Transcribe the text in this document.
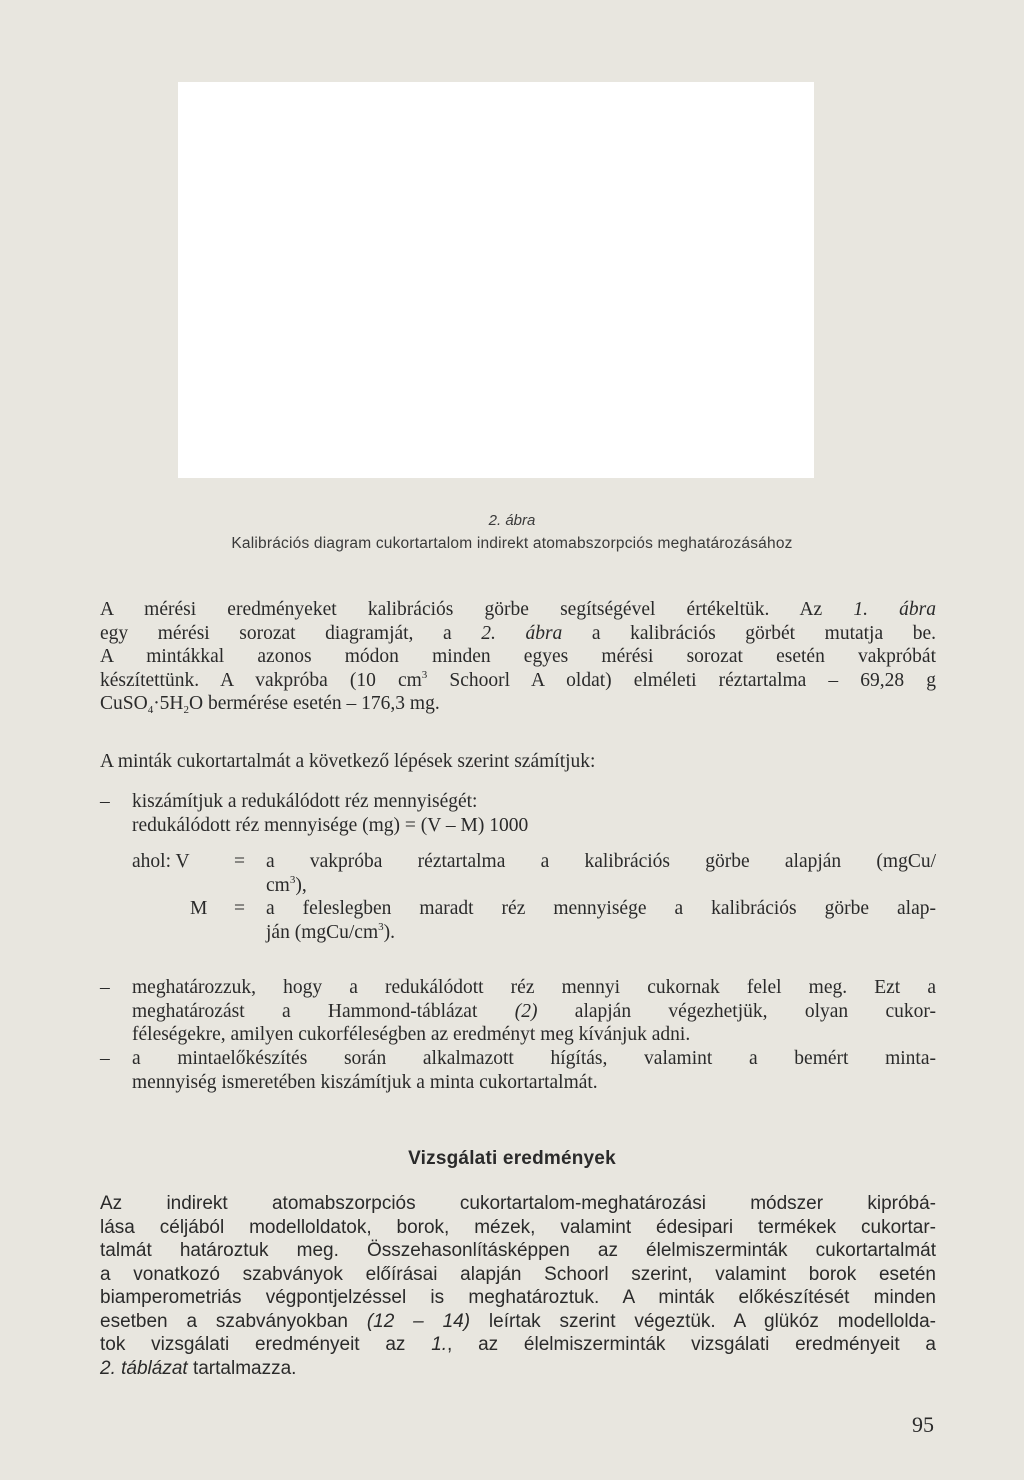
2. ábra
Kalibrációs diagram cukortartalom indirekt atomabszorpciós meghatározásához
A mérési eredményeket kalibrációs görbe segítségével értékeltük. Az 1. ábra
egy mérési sorozat diagramját, a 2. ábra a kalibrációs görbét mutatja be.
A mintákkal azonos módon minden egyes mérési sorozat esetén vakpróbát
készítettünk. A vakpróba (10 $cm^3$ Schoorl A oldat) elméleti réztartalma – 69,28 g
$CuSO_4\cdot 5H_2O$ bermérése esetén – 176,3 mg.
A minták cukortartalmát a következő lépések szerint számítjuk:
– kiszámítjuk a redukálódott réz mennyiségét:
redukálódott réz mennyisége (mg) = (V – M) 1000
ahol: V	= a vakpróba réztartalma a kalibrációs görbe alapján (mgCu/
$cm^3$),
M	= a feleslegben maradt réz mennyisége a kalibrációs görbe alap-
ján $(mgCu/cm^3)$.
– meghatározzuk, hogy a redukálódott réz mennyi cukornak felel meg. Ezt a
meghatározást a Hammond-táblázat (2) alapján végezhetjük, olyan cukor-
féleségekre, amilyen cukorféleségben az eredményt meg kívánjuk adni.
– a mintaelőkészítés során alkalmazott hígítás, valamint a bemért minta-
mennyiség ismeretében kiszámítjuk a minta cukortartalmát.
Vizsgálati eredmények
Az indirekt atomabszorpciós cukortartalom-meghatározási módszer kipróbá-
lása céljából modelloldatok, borok, mézek, valamint édesipari termékek cukortar-
talmát határoztuk meg. Összehasonlításképpen az élelmiszerminták cukortartalmát
a vonatkozó szabványok előírásai alapján Schoorl szerint, valamint borok esetén
biamperometriás végpontjelzéssel is meghatároztuk. A minták előkészítését minden
esetben a szabványokban (12 – 14) leírtak szerint végeztük. A glükóz modellolda-
tok vizsgálati eredményeit az 1., az élelmiszerminták vizsgálati eredményeit a
2. táblázat tartalmazza.
95
